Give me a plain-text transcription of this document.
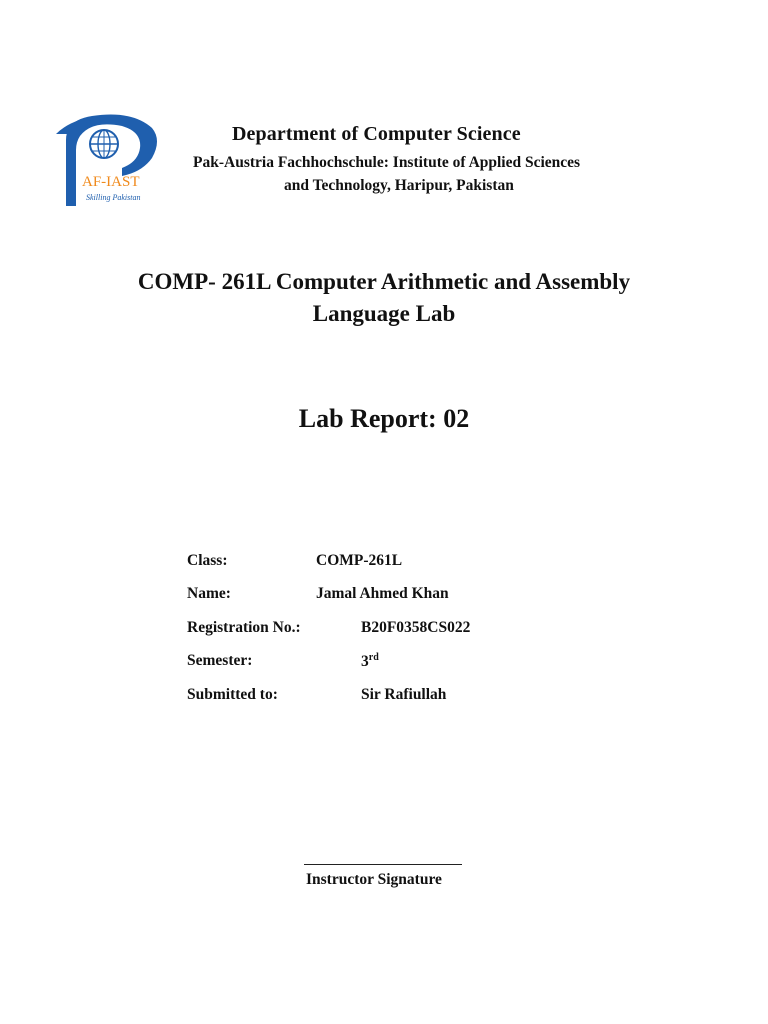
AF-IAST
Skilling Pakistan
Department of Computer Science
Pak-Austria Fachhochschule: Institute of Applied Sciences
and Technology, Haripur, Pakistan
COMP- 261L Computer Arithmetic and Assembly
Language Lab
Lab Report: 02
Class:	COMP-261L
Name:	Jamal Ahmed Khan
Registration No.:	B20F0358CS022
Semester:	3rd
Submitted to:	Sir Rafiullah
Instructor Signature
